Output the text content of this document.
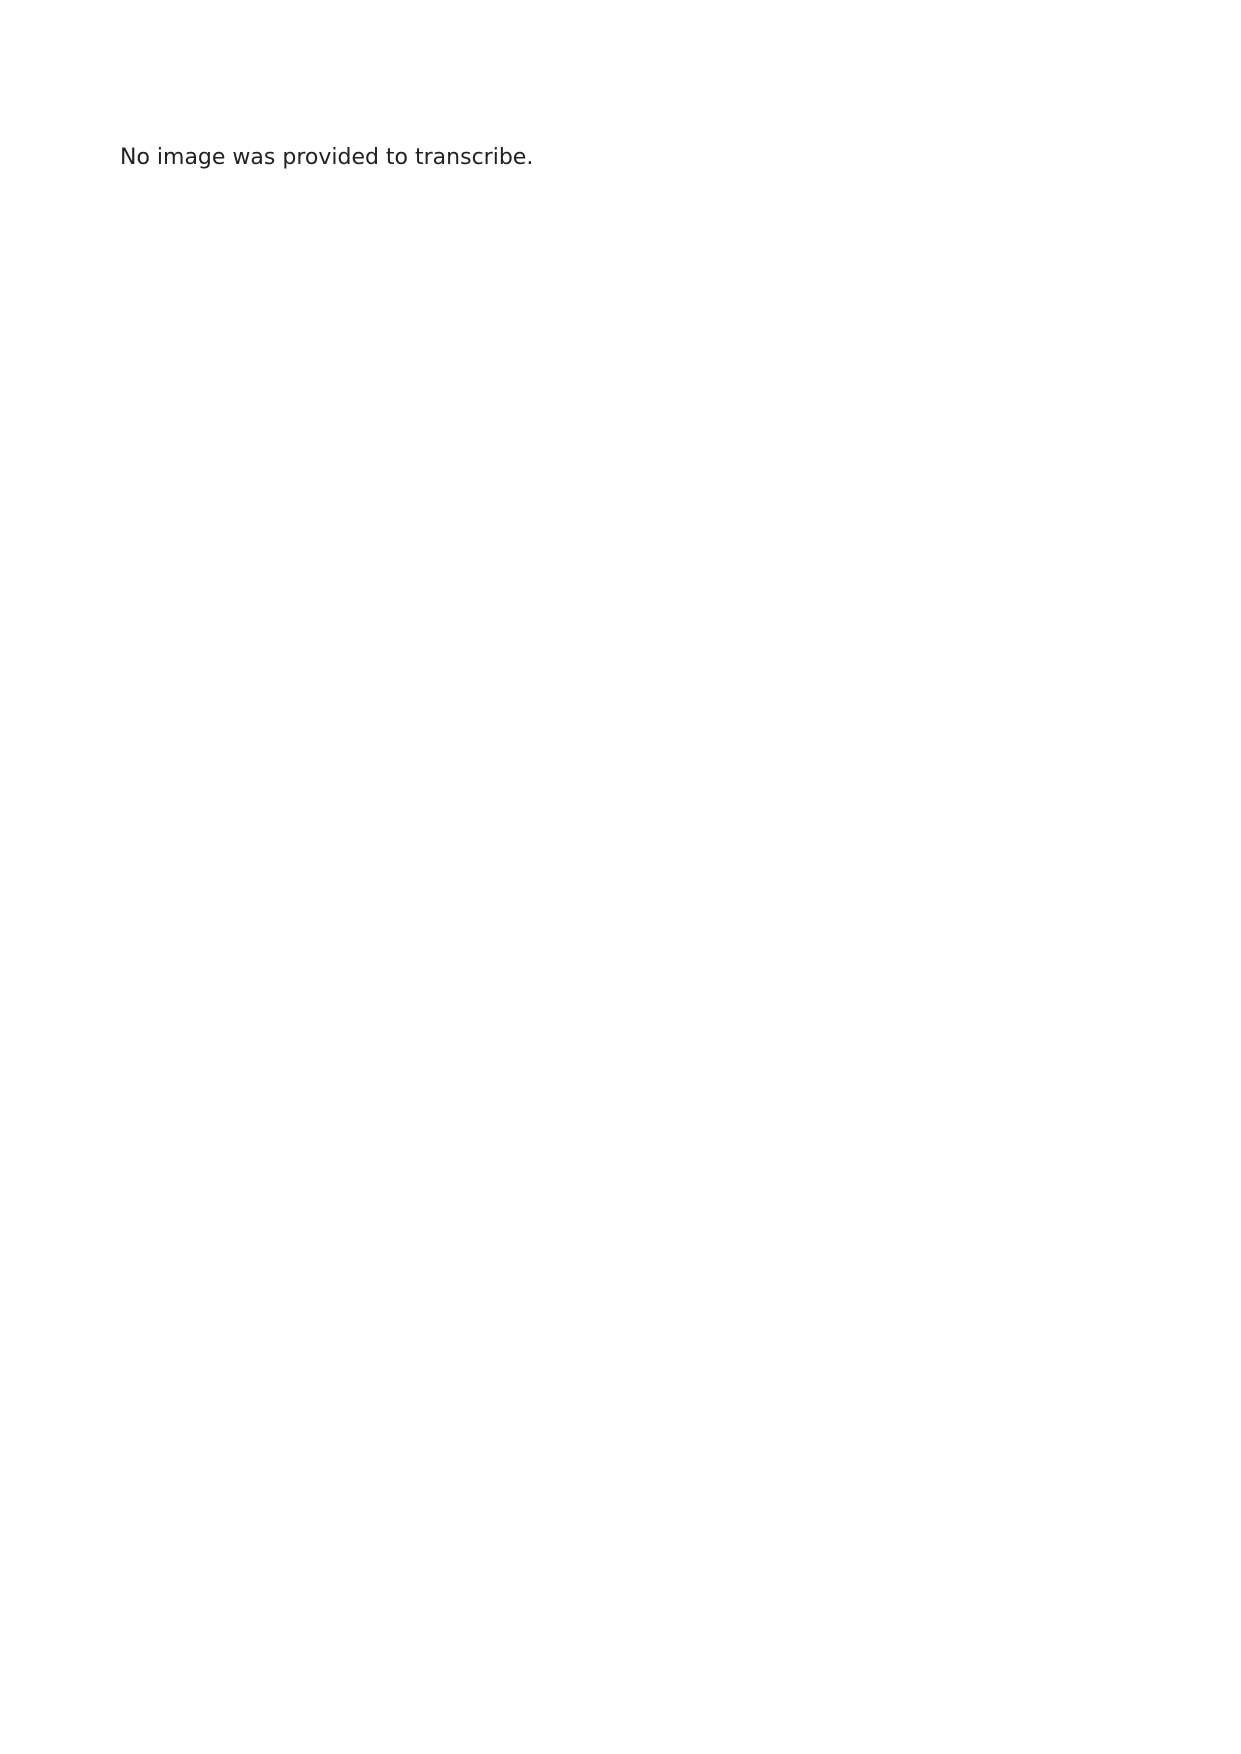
No image was provided to transcribe.
